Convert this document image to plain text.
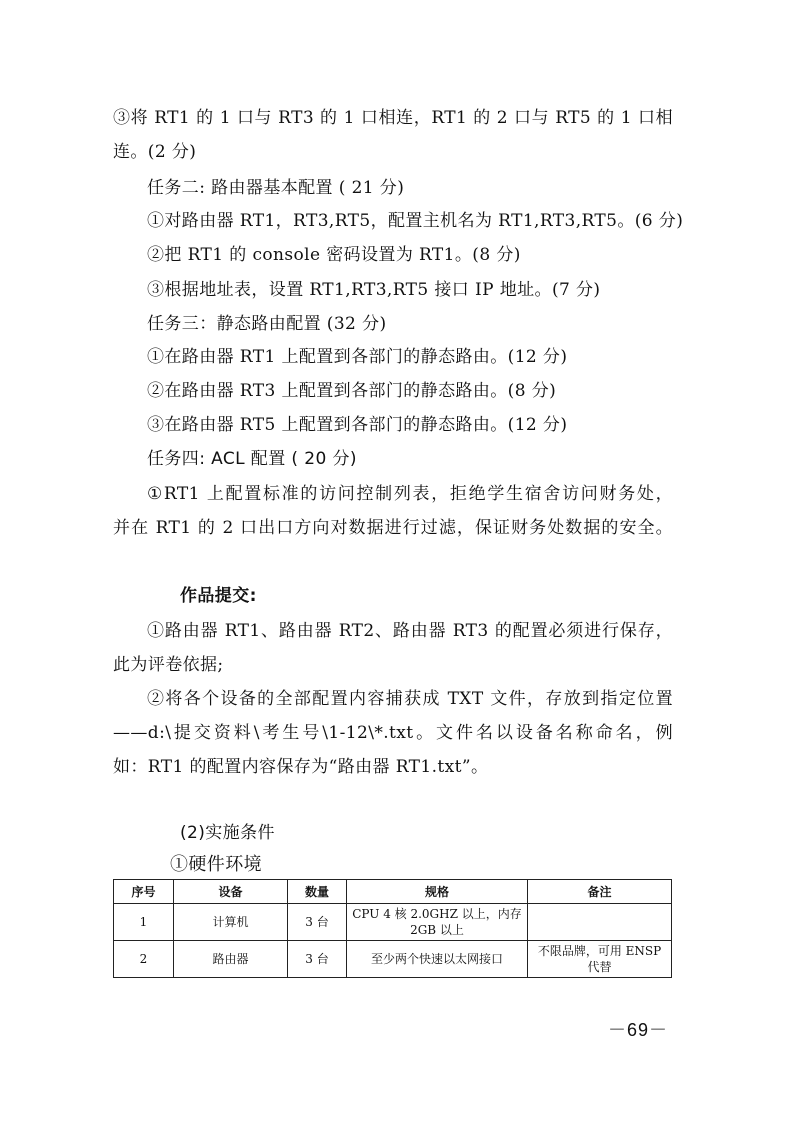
③将 RT1 的 1 口与 RT3 的 1 口相连，RT1 的 2 口与 RT5 的 1 口相
连。(2 分)
任务二: 路由器基本配置 ( 21 分)
①对路由器 RT1，RT3,RT5，配置主机名为 RT1,RT3,RT5。(6 分)
②把 RT1 的 console 密码设置为 RT1。(8 分)
③根据地址表，设置 RT1,RT3,RT5 接口 IP 地址。(7 分)
任务三：静态路由配置 (32 分)
①在路由器 RT1 上配置到各部门的静态路由。(12 分)
②在路由器 RT3 上配置到各部门的静态路由。(8 分)
③在路由器 RT5 上配置到各部门的静态路由。(12 分)
任务四: ACL 配置 ( 20 分)
①RT1 上配置标准的访问控制列表，拒绝学生宿舍访问财务处，
并在 RT1 的 2 口出口方向对数据进行过滤，保证财务处数据的安全。
作品提交:
①路由器 RT1、路由器 RT2、路由器 RT3 的配置必须进行保存，
此为评卷依据;
②将各个设备的全部配置内容捕获成 TXT 文件，存放到指定位置
——d:\提交资料\考生号\1-12\*.txt。文件名以设备名称命名，例
如：RT1 的配置内容保存为“路由器 RT1.txt”。
(2)实施条件
①硬件环境
序号	设备	数量	规格	备注
1	计算机	3 台	CPU 4 核 2.0GHZ 以上，内存 2GB 以上	
2	路由器	3 台	至少两个快速以太网接口	不限品牌，可用 ENSP 代替
－69－
